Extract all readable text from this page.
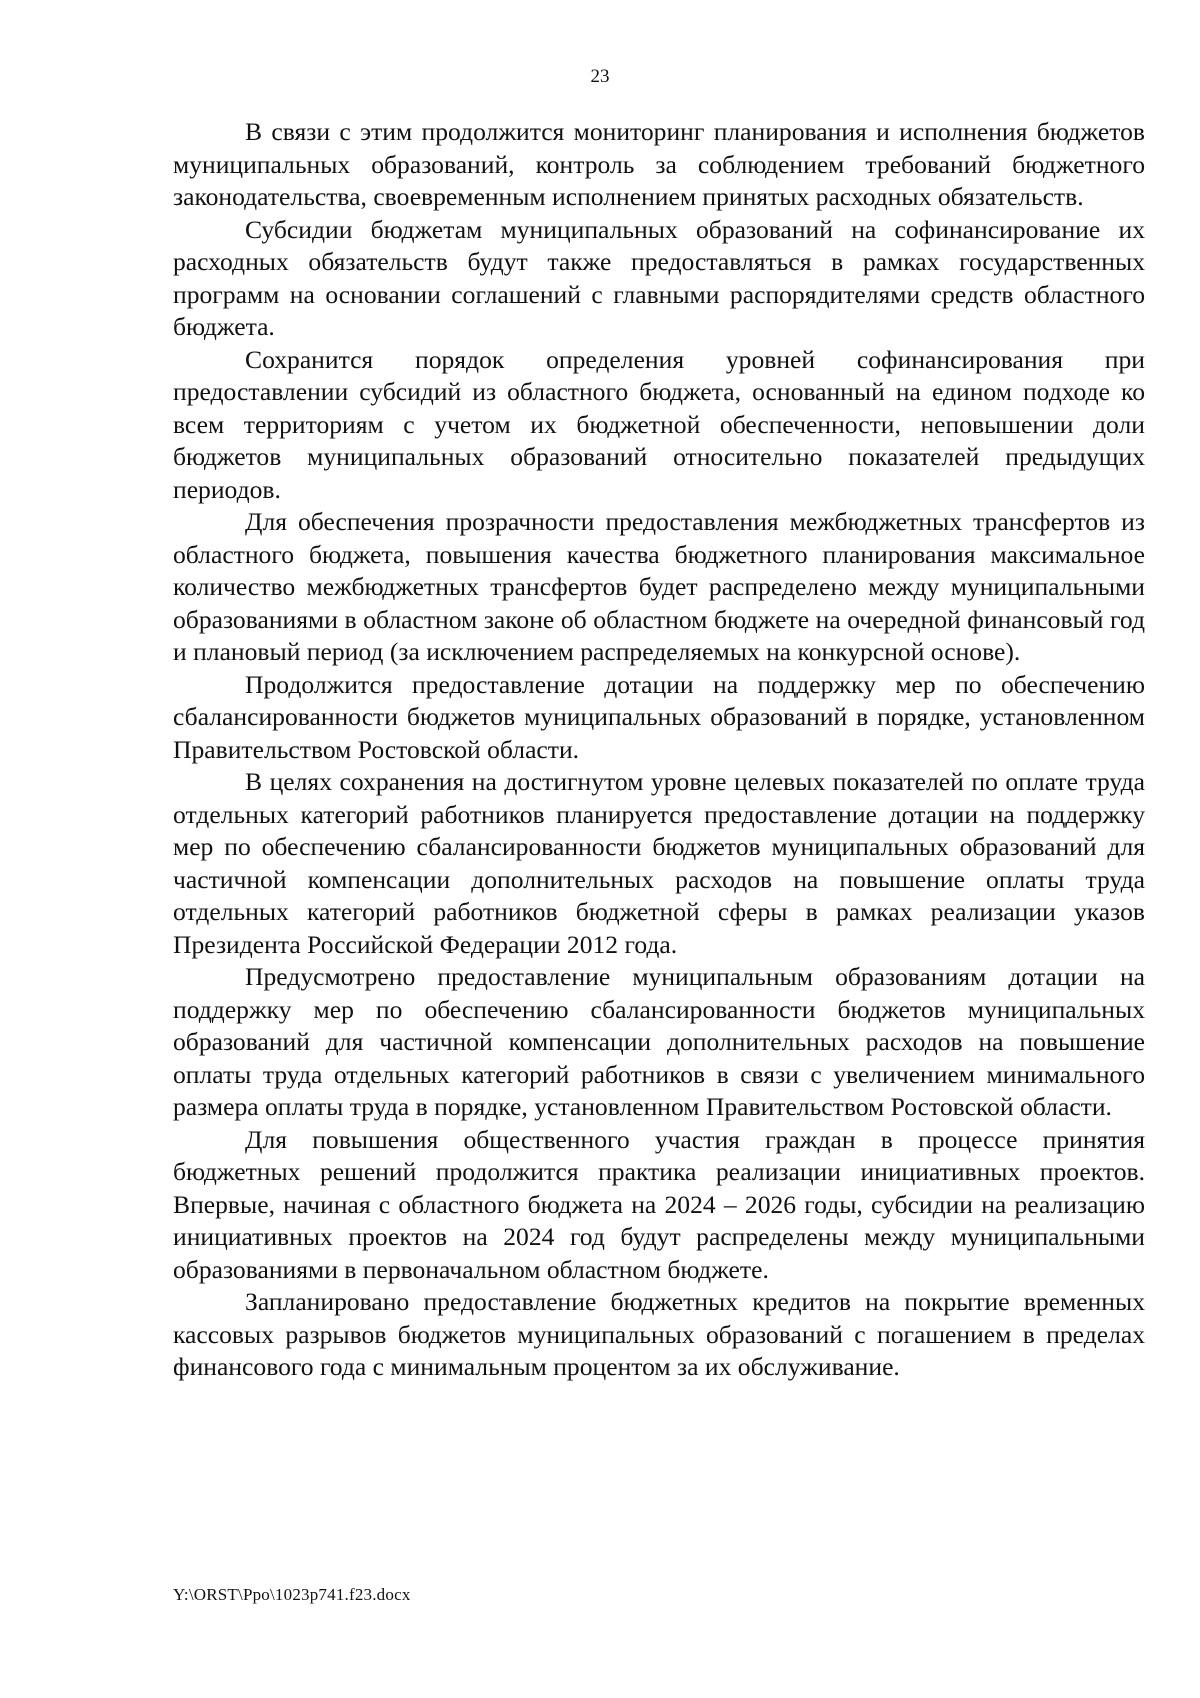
23

В связи с этим продолжится мониторинг планирования и исполнения бюджетов муниципальных образований, контроль за соблюдением требований бюджетного законодательства, своевременным исполнением принятых расходных обязательств.

Субсидии бюджетам муниципальных образований на софинансирование их расходных обязательств будут также предоставляться в рамках государственных программ на основании соглашений с главными распорядителями средств областного бюджета.

Сохранится порядок определения уровней софинансирования при предоставлении субсидий из областного бюджета, основанный на едином подходе ко всем территориям с учетом их бюджетной обеспеченности, неповышении доли бюджетов муниципальных образований относительно показателей предыдущих периодов.

Для обеспечения прозрачности предоставления межбюджетных трансфертов из областного бюджета, повышения качества бюджетного планирования максимальное количество межбюджетных трансфертов будет распределено между муниципальными образованиями в областном законе об областном бюджете на очередной финансовый год и плановый период (за исключением распределяемых на конкурсной основе).

Продолжится предоставление дотации на поддержку мер по обеспечению сбалансированности бюджетов муниципальных образований в порядке, установленном Правительством Ростовской области.

В целях сохранения на достигнутом уровне целевых показателей по оплате труда отдельных категорий работников планируется предоставление дотации на поддержку мер по обеспечению сбалансированности бюджетов муниципальных образований для частичной компенсации дополнительных расходов на повышение оплаты труда отдельных категорий работников бюджетной сферы в рамках реализации указов Президента Российской Федерации 2012 года.

Предусмотрено предоставление муниципальным образованиям дотации на поддержку мер по обеспечению сбалансированности бюджетов муниципальных образований для частичной компенсации дополнительных расходов на повышение оплаты труда отдельных категорий работников в связи с увеличением минимального размера оплаты труда в порядке, установленном Правительством Ростовской области.

Для повышения общественного участия граждан в процессе принятия бюджетных решений продолжится практика реализации инициативных проектов. Впервые, начиная с областного бюджета на 2024 – 2026 годы, субсидии на реализацию инициативных проектов на 2024 год будут распределены между муниципальными образованиями в первоначальном областном бюджете.

Запланировано предоставление бюджетных кредитов на покрытие временных кассовых разрывов бюджетов муниципальных образований с погашением в пределах финансового года с минимальным процентом за их обслуживание.

Y:\ORST\Ppo\1023p741.f23.docx
